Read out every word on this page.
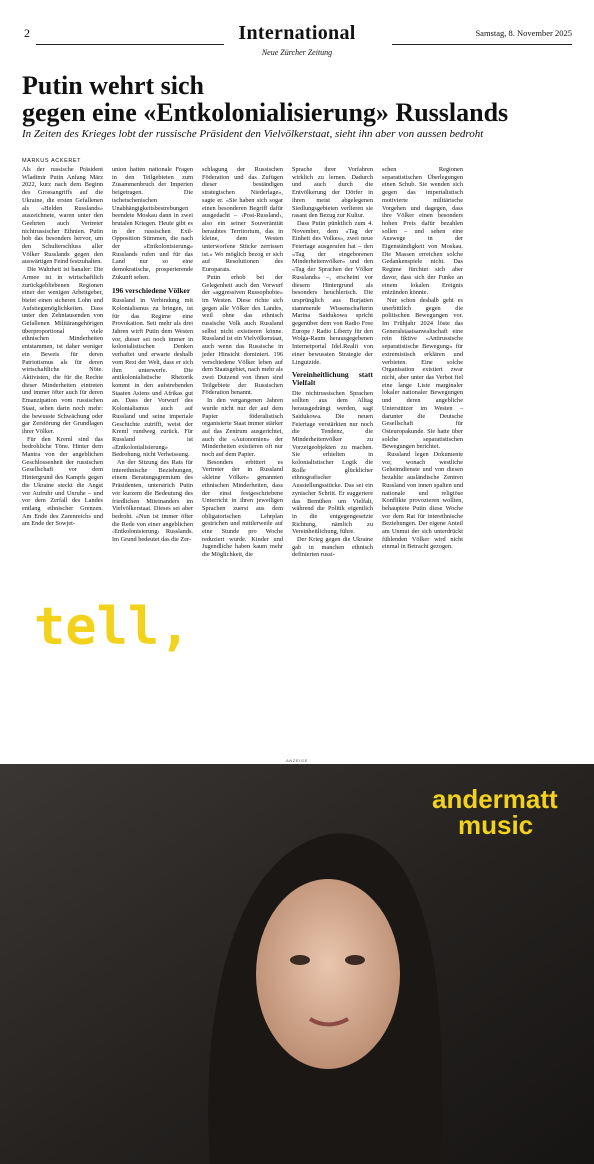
2	International
Neue Zürcher Zeitung
Samstag, 8. November 2025
Putin wehrt sich
gegen eine «Entkolonialisierung» Russlands
In Zeiten des Krieges lobt der russische Präsident den Vielvölkerstaat, sieht ihn aber von aussen bedroht
MARKUS ACKERET

Als der russische Präsident Wladimir Putin Anfang März 2022, kurz nach dem Beginn des Grossangriffs auf die Ukraine, die ersten Gefallenen als «Helden Russlands» auszeichnete, waren unter den Geehrten auch Vertreter nichtrussischer Ethnien. Putin hob das besonders hervor, um den Schulterschluss aller Völker Russlands gegen den auswärtigen Feind festzuhalten.

Die Wahrheit ist banaler: Die Armee ist in wirtschaftlich zurückgebliebenen Regionen einer der wenigen Arbeitgeber, bietet einen sicheren Lohn und Aufstiegsmöglichkeiten. Dass unter den Zehntausenden von Gefallenen Militärangehörigen überproportional viele ethnischen Minderheiten entstammen, ist daher weniger ein Beweis für deren Patriotismus als für deren wirtschaftliche Nöte. Aktivisten, die für die Rechte dieser Minderheiten eintreten und immer öfter auch für deren Emanzipation vom russischen Staat, sehen darin noch mehr: die bewusste Schwächung oder gar Zerstörung der Grundlagen ihrer Völker.

Für den Kreml sind das bedrohliche Töne. Hinter dem Mantra von der angeblichen Geschlossenheit der russischen Gesellschaft vor dem Hintergrund des Kampfs gegen die Ukraine steckt die Angst vor Aufruhr und Unruhe – und vor dem Zerfall des Landes entlang ethnischer Grenzen. Am Ende des Zarenreichs und am Ende der Sowjet-

union hatten nationale Fragen in den Teilgebieten zum Zusammenbruch der Imperien beigetragen. Die tschetschenischen Unabhängigkeitsbestrebungen beendete Moskau dann in zwei brutalen Kriegen. Heute gibt es in der russischen Exil-Opposition Stimmen, die nach der «Entkolonisierung» Russlands rufen und für das Land nur so eine demokratische, prosperierende Zukunft sehen.

196 verschiedene Völker

Russland in Verbindung mit Kolonialismus zu bringen, ist für das Regime eine Provokation. Seit mehr als drei Jahren wirft Putin dem Westen vor, dieser sei noch immer in kolonialistischen Denken verhaftet und erwarte deshalb vom Rest der Welt, dass er sich ihm unterwerfe. Die antikolonialistische Rhetorik kommt in den aufstrebenden Staaten Asiens und Afrikas gut an. Dass der Vorwurf des Kolonialismus auch auf Russland und seine imperiale Geschichte zutrifft, weist der Kreml rundweg zurück. Für Russland ist «Entkolonialisierung» Bedrohung, nicht Verheissung.

An der Sitzung des Rats für interethnische Beziehungen, einem Beratungsgremium des Präsidenten, unterstrich Putin vor kurzem die Bedeutung des friedlichen Miteinanders im Vielvölkerstaat. Dieses sei aber bedroht. «Nun ist immer öfter die Rede von einer angeblichen ‹Entkolonisierung› Russlands. Im Grund bedeutet das die Zer-

schlagung der Russischen Föderation und das Zufügen dieser beständigen strategischen Niederlage», sagte er. «Sie haben sich sogar einen besonderen Begriff dafür ausgedacht – ‹Post-Russland›, also ein seiner Souveränität beraubtes Territorium, das in kleine, dem Westen unterworfene Stücke zerrissen ist.» Wo möglich bezog er sich auf Resolutionen des Europarats.

Putin erhob bei der Gelegenheit auch den Vorwurf der «aggressiven Russophobie» im Westen. Diese richte sich gegen alle Völker des Landes, weil ohne das ethnisch russische Volk auch Russland selbst nicht existieren könne. Russland ist ein Vielvölkerstaat, auch wenn das Russische in jeder Hinsicht dominiert. 196 verschiedene Völker leben auf dem Staatsgebiet, nach mehr als zwei Dutzend von ihnen sind Teilgebiete der Russischen Föderation benannt.

In den vergangenen Jahren wurde nicht nur der auf dem Papier föderalistisch organisierte Staat immer stärker auf das Zentrum ausgerichtet, auch die «Autonomien» der Minderheiten existieren oft nur noch auf dem Papier.

Besonders erbittert es Vertreter der in Russland «kleine Völker» genannten ethnischen Minderheiten, dass der einst festgeschriebene Unterricht in ihren jeweiligen Sprachen zuerst aus dem obligatorischen Lehrplan gestrichen und mittlerweile auf eine Stunde pro Woche reduziert wurde. Kinder und Jugendliche haben kaum mehr die Möglichkeit, die

Sprache ihrer Vorfahren wirklich zu lernen. Dadurch und auch durch die Entvölkerung der Dörfer in ihren meist abgelegenen Siedlungsgebieten verlieren sie rasant den Bezug zur Kultur.

Dass Putin pünktlich zum 4. November, dem «Tag der Einheit des Volkes», zwei neue Feiertage ausgerufen hat – den «Tag der eingeborenen Minderheitenvölker» und den «Tag der Sprachen der Völker Russlands» –, erscheint vor diesem Hintergrund als besonders heuchlerisch. Die ursprünglich aus Burjatien stammende Wissenschafterin Marina Saidukowa spricht gegenüber dem von Radio Free Europe / Radio Liberty für den Wolga-Raum herausgegebenen Internetportal Idel.Realii von einer bewussten Strategie der Linguizide.

Vereinheitlichung statt Vielfalt

Die nichtrussischen Sprachen sollten aus dem Alltag herausgedrängt werden, sagt Saidukowa. Die neuen Feiertage verstärkten nur noch die Tendenz, die Minderheitenvölker zu Vorzeigeobjekten zu machen. Sie erhielten in kolonialistischer Logik die Rolle glücklicher ethnografischer Ausstellungsstücke. Das sei ein zynischer Schritt. Er suggeriere das Bemühen um Vielfalt, während die Politik eigentlich in die entgegengesetzte Richtung, nämlich zu Vereinheitlichung, führe.

Der Krieg gegen die Ukraine gab in manchen ethnisch definierten russi-

schen Regionen separatistischen Überlegungen einen Schub. Sie wenden sich gegen das imperialistisch motivierte militärische Vorgehen und dagegen, dass ihre Völker einen besonders hohen Preis dafür bezahlen sollen – und sehen eine Auswege in der Eigenständigkeit von Moskau. Die Massen erreichen solche Gedankenspiele nicht. Das Regime fürchtet sich aber davor, dass sich der Funke an einem lokalen Ereignis entzünden könnte.

Nur schon deshalb geht es unerbittlich gegen die politischen Bewegungen vor. Im Frühjahr 2024 löste das Generalstaatsanwaltschaft eine rein fiktive «Antirussische separatistische Bewegung» für extremistisch erklären und verbieten. Eine solche Organisation existiert zwar nicht, aber unter das Verbot fiel eine lange Liste marginaler lokaler nationaler Bewegungen und deren angebliche Unterstützer im Westen – darunter die Deutsche Gesellschaft für Osteuropakunde. Sie hatte über solche separatistischen Bewegungen berichtet.

Russland legen Dokumente vor, wonach westliche Geheimdienste und von diesen bezahlte ausländische Zentren Russland von innen spalten und nationale und religiöse Konflikte provozieren wollten, behauptete Putin diese Woche vor dem Rat für interethnische Beziehungen. Der eigene Anteil am Unmut der sich unterdrückt fühlenden Völker wird nicht einmal in Betracht gezogen.

ANZEIGE
andermatt
music
tell,
